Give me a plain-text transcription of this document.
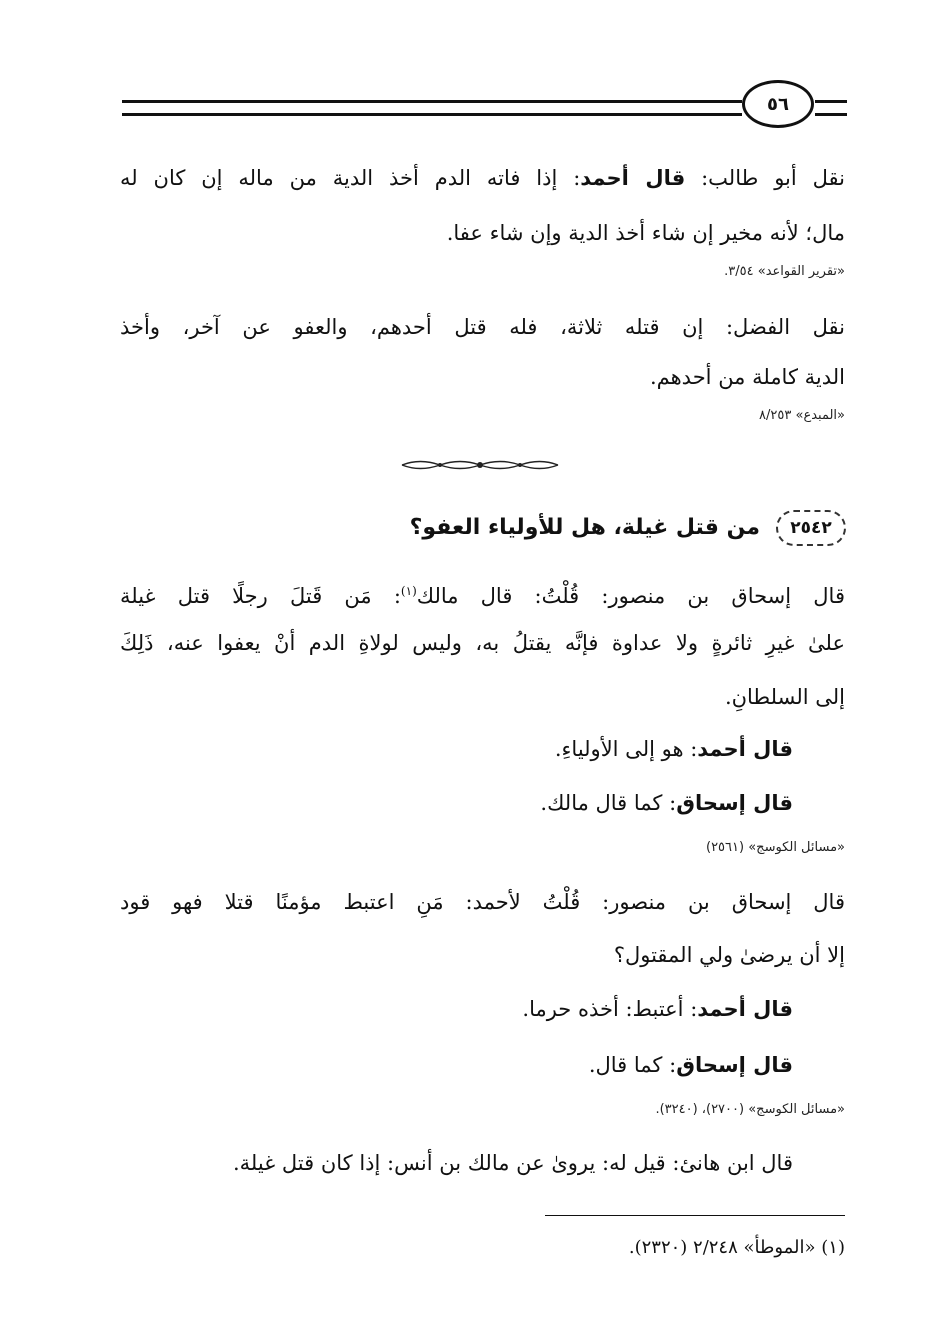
٥٦
نقل أبو طالب: قال أحمد: إذا فاته الدم أخذ الدية من ماله إن كان له
مال؛ لأنه مخير إن شاء أخذ الدية وإن شاء عفا.
«تقرير القواعد» ٣/٥٤.
نقل الفضل: إن قتله ثلاثة، فله قتل أحدهم، والعفو عن آخر، وأخذ
الدية كاملة من أحدهم.
«المبدع» ٨/٢٥٣
٢٥٤٢
من قتل غيلة، هل للأولياء العفو؟
قال إسحاق بن منصور: قُلْتُ: قال مالك$^{(١)}$: مَن قَتلَ رجلًا قتل غيلة
علىٰ غيرِ ثائرةٍ ولا عداوة فإنَّه يقتلُ به، وليس لولاةِ الدم أنْ يعفوا عنه، ذَلِكَ
إلى السلطانِ.
قال أحمد: هو إلى الأولياءِ.
قال إسحاق: كما قال مالك.
«مسائل الكوسج» (٢٥٦١)
قال إسحاق بن منصور: قُلْتُ لأحمد: مَنِ اعتبط مؤمنًا قتلا فهو قود
إلا أن يرضىٰ ولي المقتول؟
قال أحمد: أعتبط: أخذه حرما.
قال إسحاق: كما قال.
«مسائل الكوسج» (٢٧٠٠)، (٣٢٤٠).
قال ابن هانئ: قيل له: يروىٰ عن مالك بن أنس: إذا كان قتل غيلة.
(١) «الموطأ» ٢/٢٤٨ (٢٣٢٠).
